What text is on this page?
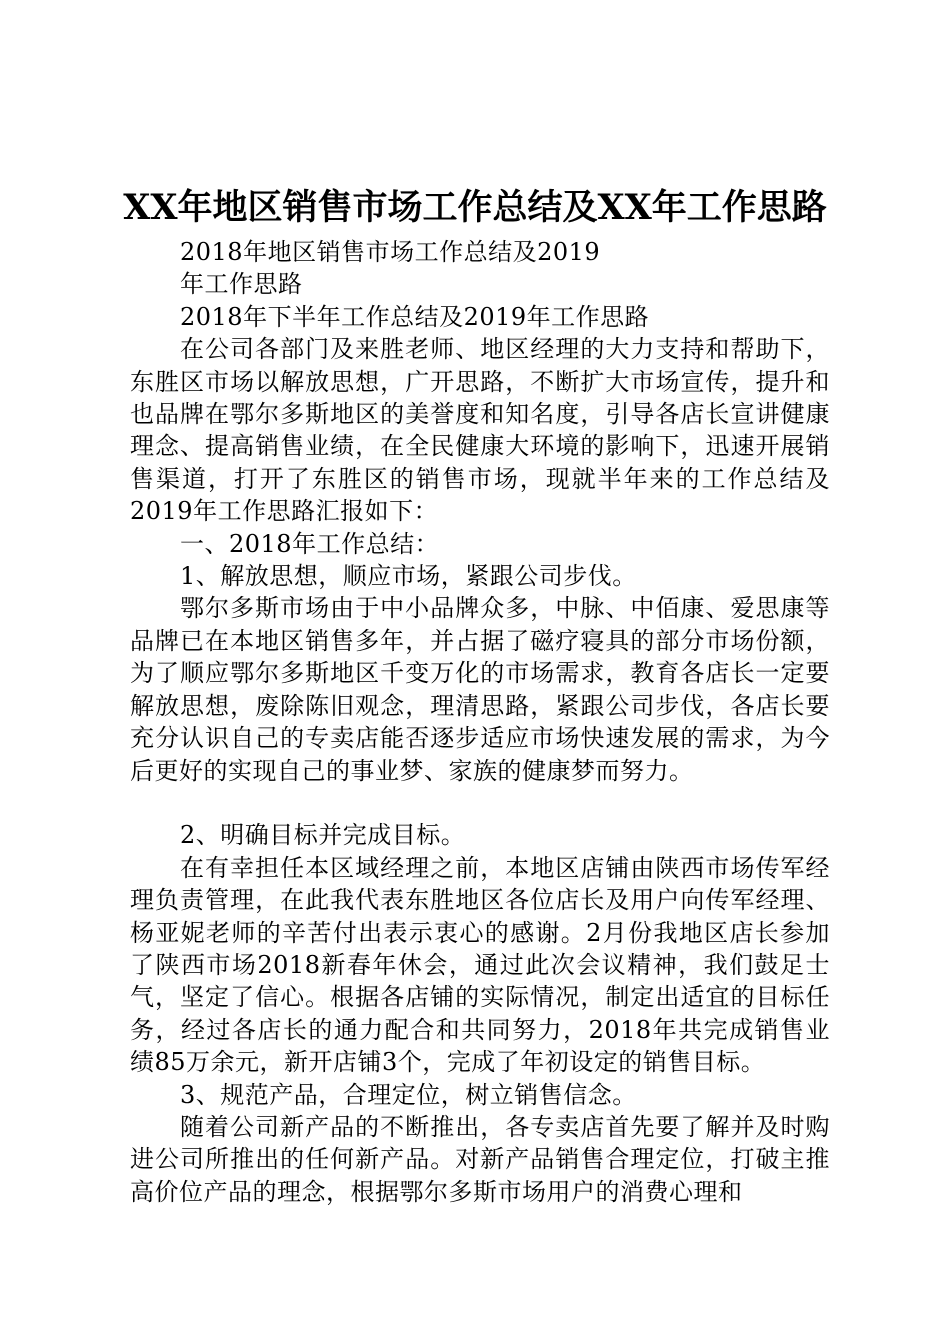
XX年地区销售市场工作总结及XX年工作思路

2018年地区销售市场工作总结及2019

年工作思路

2018年下半年工作总结及2019年工作思路

在公司各部门及来胜老师、地区经理的大力支持和帮助下，东胜区市场以解放思想，广开思路，不断扩大市场宣传，提升和也品牌在鄂尔多斯地区的美誉度和知名度，引导各店长宣讲健康理念、提高销售业绩，在全民健康大环境的影响下，迅速开展销售渠道，打开了东胜区的销售市场，现就半年来的工作总结及2019年工作思路汇报如下：

一、2018年工作总结：

1、解放思想，顺应市场，紧跟公司步伐。

鄂尔多斯市场由于中小品牌众多，中脉、中佰康、爱思康等品牌已在本地区销售多年，并占据了磁疗寝具的部分市场份额，为了顺应鄂尔多斯地区千变万化的市场需求，教育各店长一定要解放思想，废除陈旧观念，理清思路，紧跟公司步伐，各店长要充分认识自己的专卖店能否逐步适应市场快速发展的需求，为今后更好的实现自己的事业梦、家族的健康梦而努力。

2、明确目标并完成目标。

在有幸担任本区域经理之前，本地区店铺由陕西市场传军经理负责管理，在此我代表东胜地区各位店长及用户向传军经理、杨亚妮老师的辛苦付出表示衷心的感谢。2月份我地区店长参加了陕西市场2018新春年休会，通过此次会议精神，我们鼓足士气，坚定了信心。根据各店铺的实际情况，制定出适宜的目标任务，经过各店长的通力配合和共同努力，2018年共完成销售业绩85万余元，新开店铺3个，完成了年初设定的销售目标。

3、规范产品，合理定位，树立销售信念。

随着公司新产品的不断推出，各专卖店首先要了解并及时购进公司所推出的任何新产品。对新产品销售合理定位，打破主推高价位产品的理念，根据鄂尔多斯市场用户的消费心理和
